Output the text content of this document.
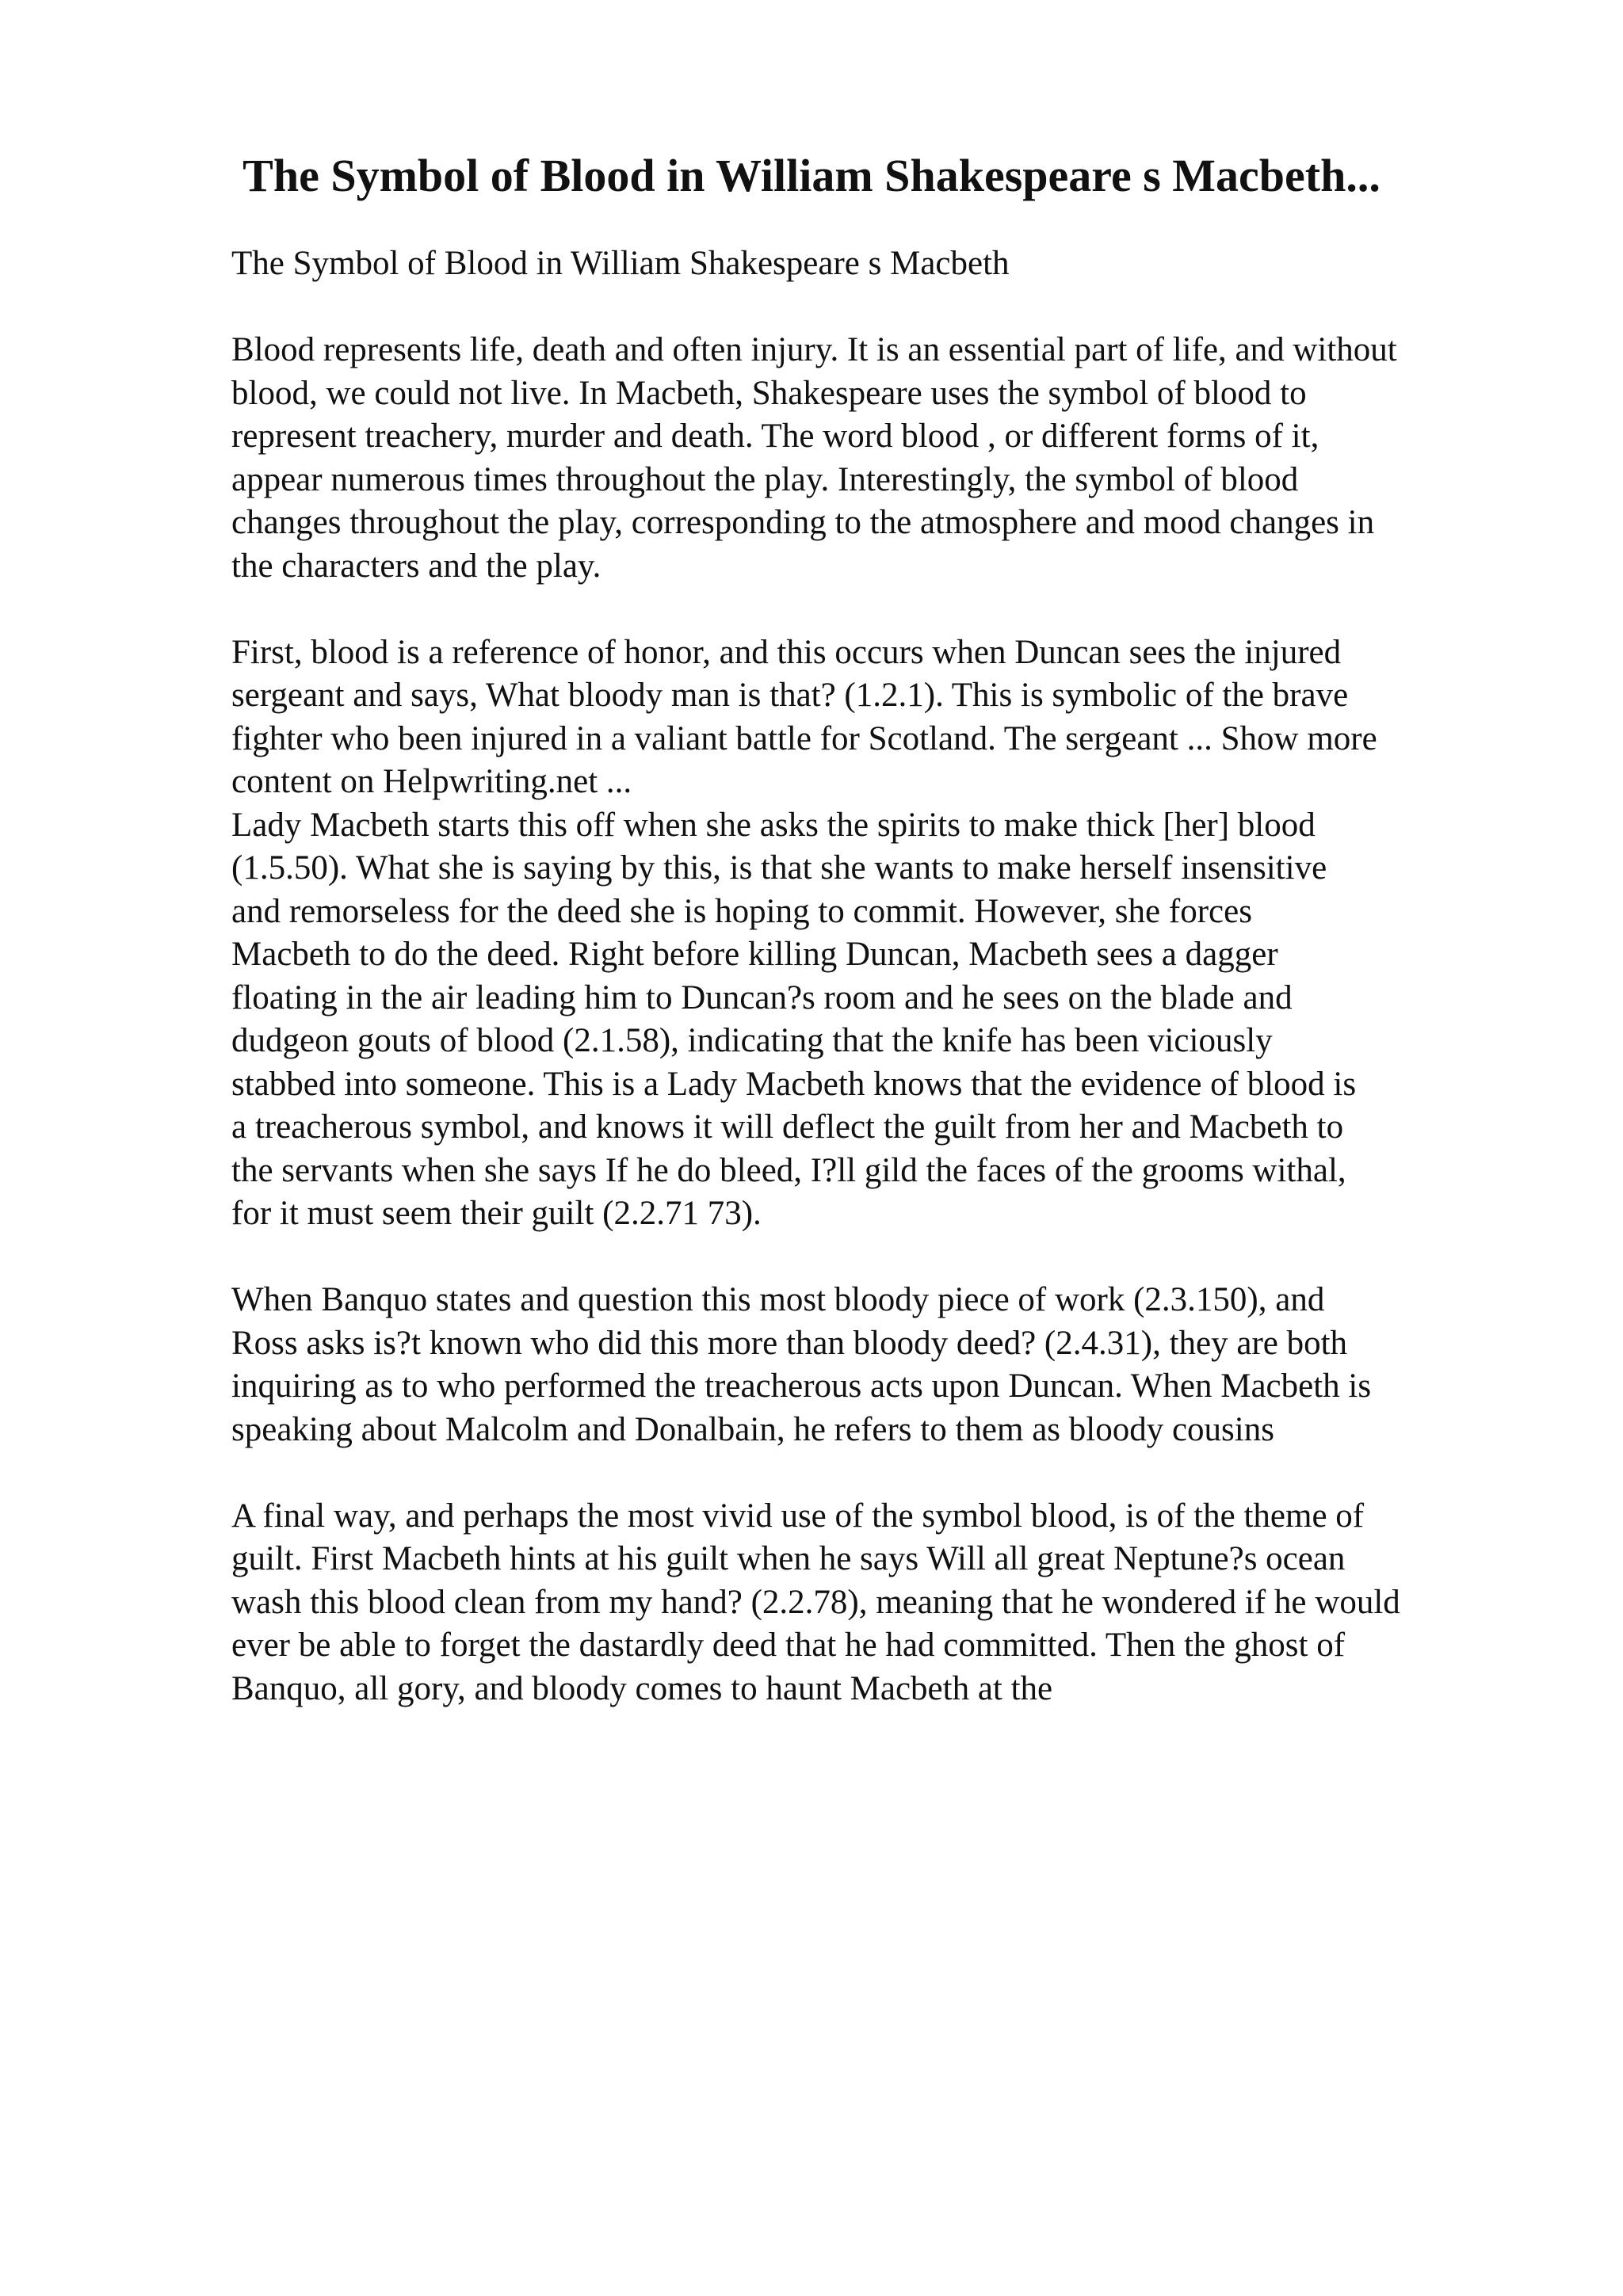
The Symbol of Blood in William Shakespeare s Macbeth...
The Symbol of Blood in William Shakespeare s Macbeth
Blood represents life, death and often injury. It is an essential part of life, and without
blood, we could not live. In Macbeth, Shakespeare uses the symbol of blood to
represent treachery, murder and death. The word blood , or different forms of it,
appear numerous times throughout the play. Interestingly, the symbol of blood
changes throughout the play, corresponding to the atmosphere and mood changes in
the characters and the play.
First, blood is a reference of honor, and this occurs when Duncan sees the injured
sergeant and says, What bloody man is that? (1.2.1). This is symbolic of the brave
fighter who been injured in a valiant battle for Scotland. The sergeant ... Show more
content on Helpwriting.net ...
Lady Macbeth starts this off when she asks the spirits to make thick [her] blood
(1.5.50). What she is saying by this, is that she wants to make herself insensitive
and remorseless for the deed she is hoping to commit. However, she forces
Macbeth to do the deed. Right before killing Duncan, Macbeth sees a dagger
floating in the air leading him to Duncan?s room and he sees on the blade and
dudgeon gouts of blood (2.1.58), indicating that the knife has been viciously
stabbed into someone. This is a Lady Macbeth knows that the evidence of blood is
a treacherous symbol, and knows it will deflect the guilt from her and Macbeth to
the servants when she says If he do bleed, I?ll gild the faces of the grooms withal,
for it must seem their guilt (2.2.71 73).
When Banquo states and question this most bloody piece of work (2.3.150), and
Ross asks is?t known who did this more than bloody deed? (2.4.31), they are both
inquiring as to who performed the treacherous acts upon Duncan. When Macbeth is
speaking about Malcolm and Donalbain, he refers to them as bloody cousins
A final way, and perhaps the most vivid use of the symbol blood, is of the theme of
guilt. First Macbeth hints at his guilt when he says Will all great Neptune?s ocean
wash this blood clean from my hand? (2.2.78), meaning that he wondered if he would
ever be able to forget the dastardly deed that he had committed. Then the ghost of
Banquo, all gory, and bloody comes to haunt Macbeth at the
